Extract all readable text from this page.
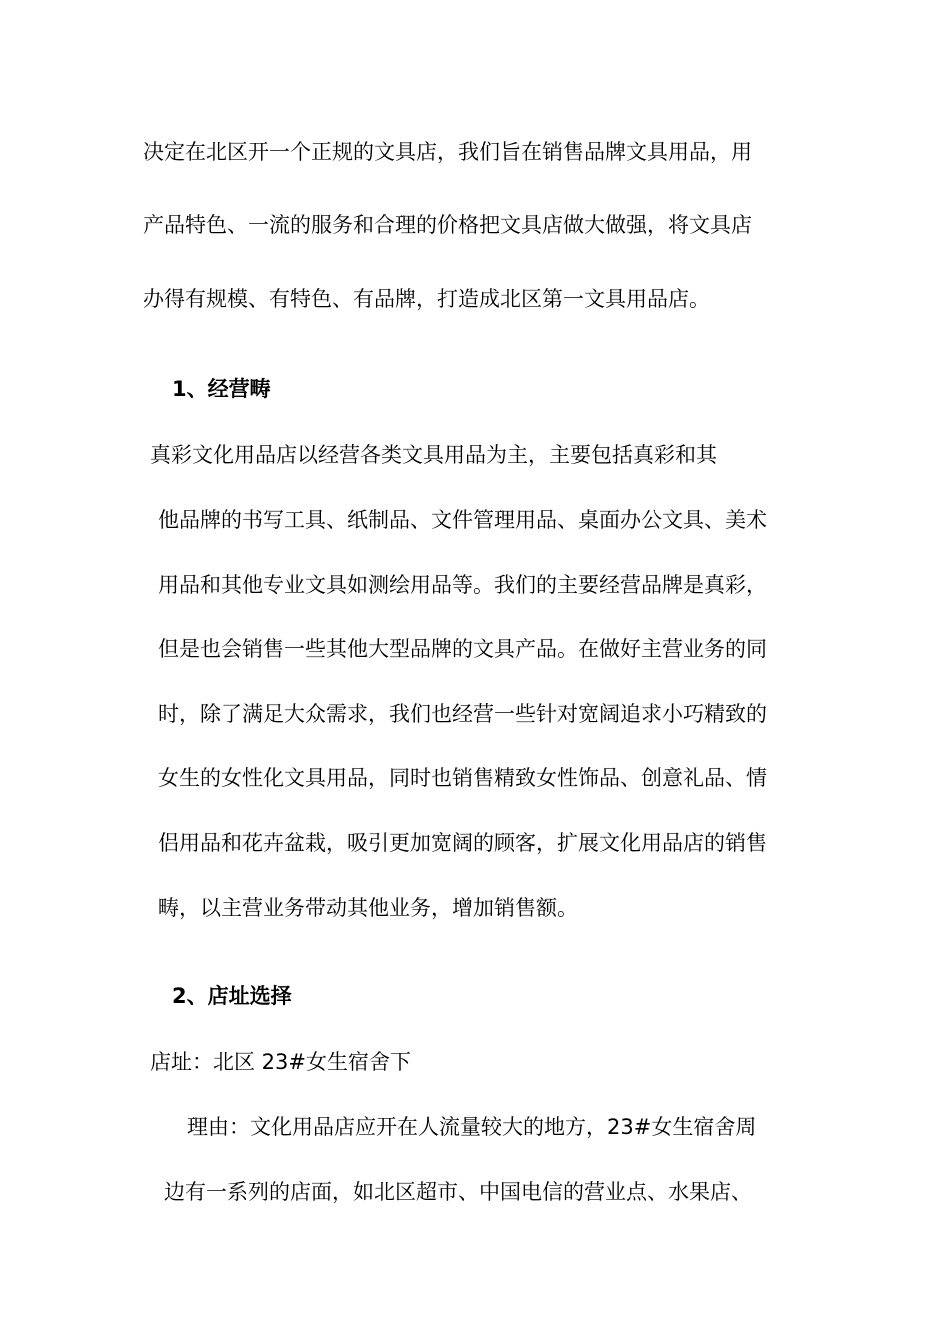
决定在北区开一个正规的文具店，我们旨在销售品牌文具用品，用
产品特色、一流的服务和合理的价格把文具店做大做强，将文具店
办得有规模、有特色、有品牌，打造成北区第一文具用品店。
1、经营畴
真彩文化用品店以经营各类文具用品为主，主要包括真彩和其
他品牌的书写工具、纸制品、文件管理用品、桌面办公文具、美术
用品和其他专业文具如测绘用品等。我们的主要经营品牌是真彩，
但是也会销售一些其他大型品牌的文具产品。在做好主营业务的同
时，除了满足大众需求，我们也经营一些针对宽阔追求小巧精致的
女生的女性化文具用品，同时也销售精致女性饰品、创意礼品、情
侣用品和花卉盆栽，吸引更加宽阔的顾客，扩展文化用品店的销售
畴，以主营业务带动其他业务，增加销售额。
2、店址选择
店址：北区 23#女生宿舍下
理由：文化用品店应开在人流量较大的地方，23#女生宿舍周
边有一系列的店面，如北区超市、中国电信的营业点、水果店、
